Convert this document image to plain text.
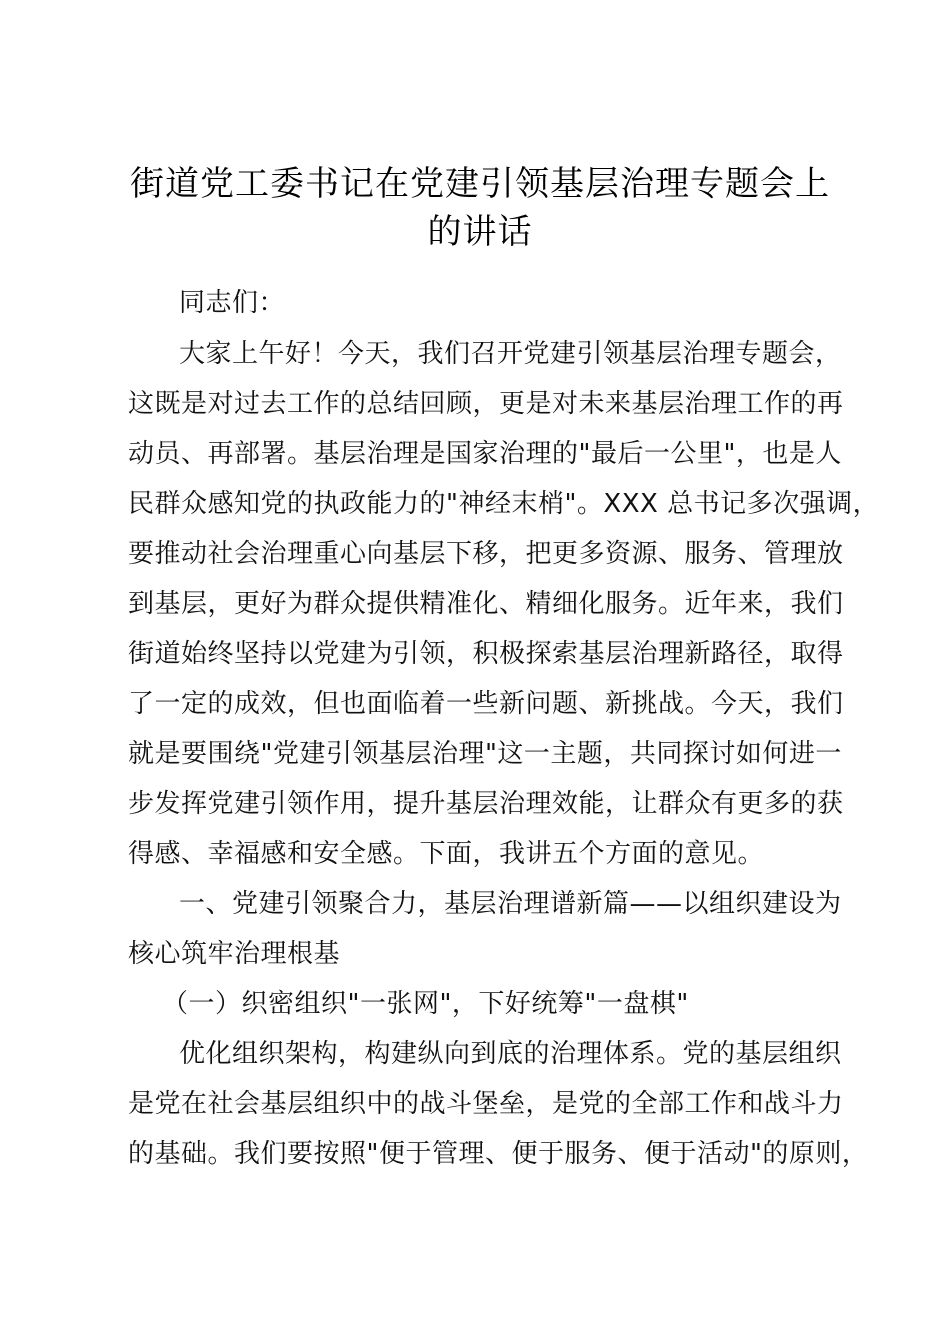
街道党工委书记在党建引领基层治理专题会上
的讲话
同志们：
大家上午好！今天，我们召开党建引领基层治理专题会，
这既是对过去工作的总结回顾，更是对未来基层治理工作的再
动员、再部署。基层治理是国家治理的"最后一公里"，也是人
民群众感知党的执政能力的"神经末梢"。XXX 总书记多次强调，
要推动社会治理重心向基层下移，把更多资源、服务、管理放
到基层，更好为群众提供精准化、精细化服务。近年来，我们
街道始终坚持以党建为引领，积极探索基层治理新路径，取得
了一定的成效，但也面临着一些新问题、新挑战。今天，我们
就是要围绕"党建引领基层治理"这一主题，共同探讨如何进一
步发挥党建引领作用，提升基层治理效能，让群众有更多的获
得感、幸福感和安全感。下面，我讲五个方面的意见。
一、党建引领聚合力，基层治理谱新篇——以组织建设为
核心筑牢治理根基
（一）织密组织"一张网"，下好统筹"一盘棋"
优化组织架构，构建纵向到底的治理体系。党的基层组织
是党在社会基层组织中的战斗堡垒，是党的全部工作和战斗力
的基础。我们要按照"便于管理、便于服务、便于活动"的原则，
